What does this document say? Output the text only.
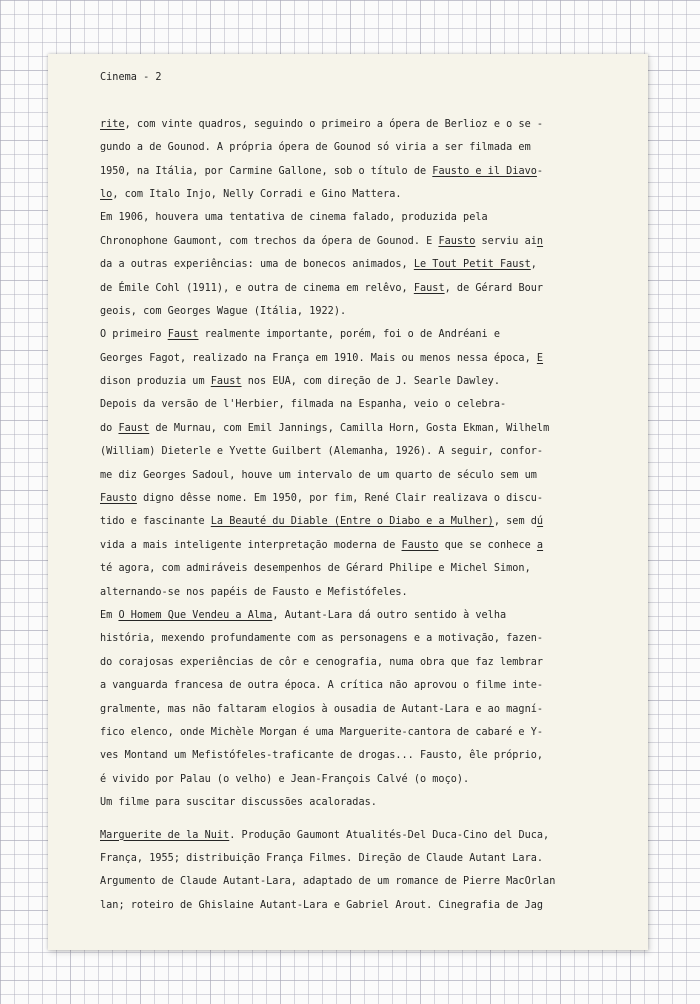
Cinema - 2
rite, com vinte quadros, seguindo o primeiro a ópera de Berlioz e o se -
gundo a de Gounod. A própria ópera de Gounod só viria a ser filmada em
1950, na Itália, por Carmine Gallone, sob o título de Fausto e il Diavo-
lo, com Italo Injo, Nelly Corradi e Gino Mattera.
Em 1906, houvera uma tentativa de cinema falado, produzida pela
Chronophone Gaumont, com trechos da ópera de Gounod. E Fausto serviu ain
da a outras experiências: uma de bonecos animados, Le Tout Petit Faust,
de Émile Cohl (1911), e outra de cinema em relêvo, Faust, de Gérard Bour
geois, com Georges Wague (Itália, 1922).
O primeiro Faust realmente importante, porém, foi o de Andréani e
Georges Fagot, realizado na França em 1910. Mais ou menos nessa época, E
dison produzia um Faust nos EUA, com direção de J. Searle Dawley.
Depois da versão de l'Herbier, filmada na Espanha, veio o celebra-
do Faust de Murnau, com Emil Jannings, Camilla Horn, Gosta Ekman, Wilhelm
(William) Dieterle e Yvette Guilbert (Alemanha, 1926). A seguir, confor-
me diz Georges Sadoul, houve um intervalo de um quarto de século sem um
Fausto digno dêsse nome. Em 1950, por fim, René Clair realizava o discu-
tido e fascinante La Beauté du Diable (Entre o Diabo e a Mulher), sem dú
vida a mais inteligente interpretação moderna de Fausto que se conhece a
té agora, com admiráveis desempenhos de Gérard Philipe e Michel Simon,
alternando-se nos papéis de Fausto e Mefistófeles.
Em O Homem Que Vendeu a Alma, Autant-Lara dá outro sentido à velha
história, mexendo profundamente com as personagens e a motivação, fazen-
do corajosas experiências de côr e cenografia, numa obra que faz lembrar
a vanguarda francesa de outra época. A crítica não aprovou o filme inte-
gralmente, mas não faltaram elogios à ousadia de Autant-Lara e ao magní-
fico elenco, onde Michèle Morgan é uma Marguerite-cantora de cabaré e Y-
ves Montand um Mefistófeles-traficante de drogas... Fausto, êle próprio,
é vivido por Palau (o velho) e Jean-François Calvé (o moço).
Um filme para suscitar discussões acaloradas.
Marguerite de la Nuit. Produção Gaumont Atualités-Del Duca-Cino del Duca,
França, 1955; distribuição França Filmes. Direção de Claude Autant Lara.
Argumento de Claude Autant-Lara, adaptado de um romance de Pierre MacOrlan
lan; roteiro de Ghislaine Autant-Lara e Gabriel Arout. Cinegrafia de Jag
